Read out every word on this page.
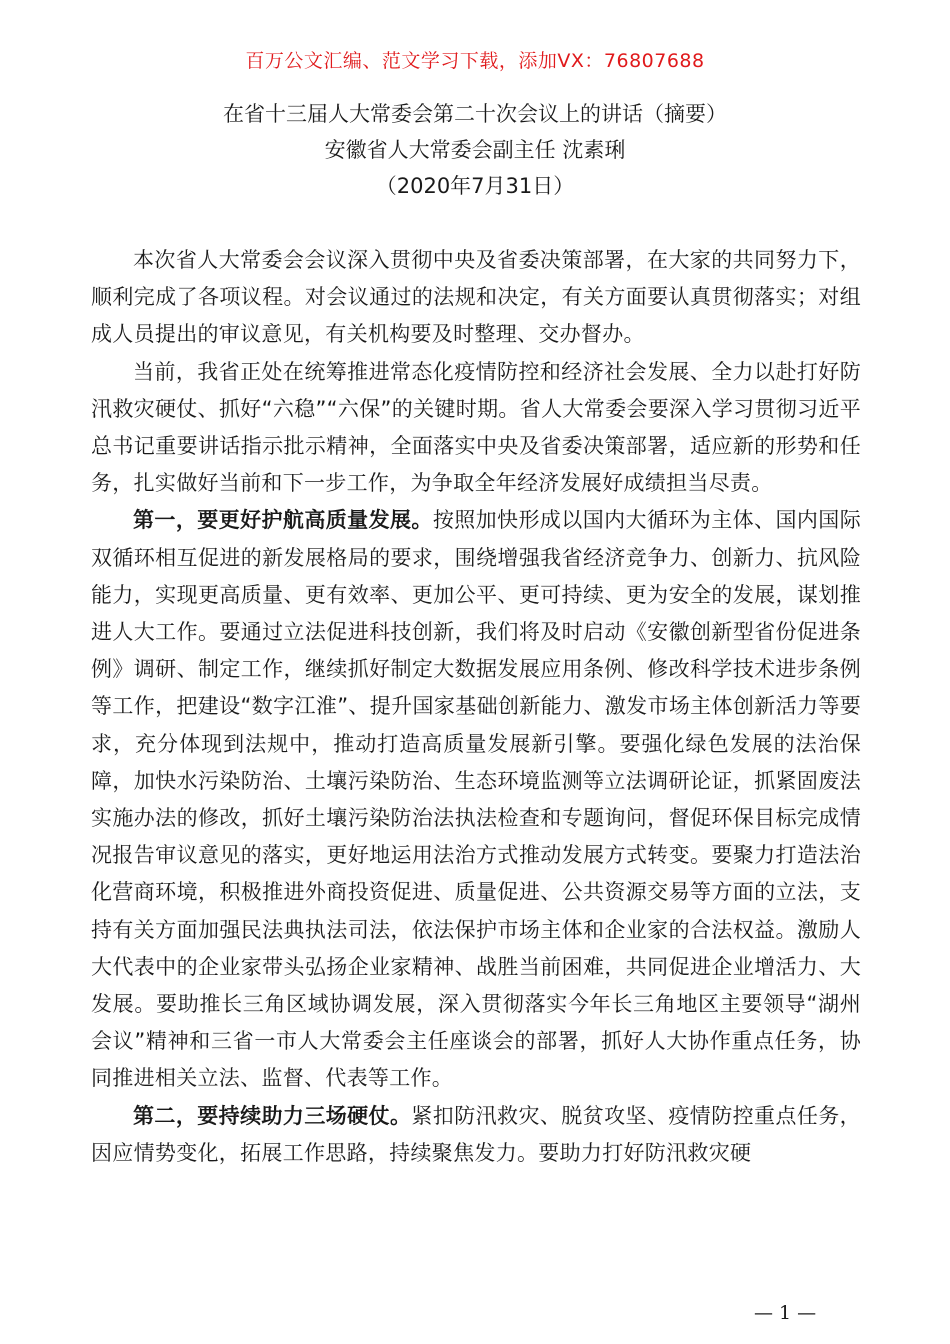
百万公文汇编、范文学习下载，添加VX：76807688
在省十三届人大常委会第二十次会议上的讲话（摘要）
安徽省人大常委会副主任 沈素琍
（2020年7月31日）

本次省人大常委会会议深入贯彻中央及省委决策部署，在大家的共同努力下，顺利完成了各项议程。对会议通过的法规和决定，有关方面要认真贯彻落实；对组成人员提出的审议意见，有关机构要及时整理、交办督办。

当前，我省正处在统筹推进常态化疫情防控和经济社会发展、全力以赴打好防汛救灾硬仗、抓好“六稳”“六保”的关键时期。省人大常委会要深入学习贯彻习近平总书记重要讲话指示批示精神，全面落实中央及省委决策部署，适应新的形势和任务，扎实做好当前和下一步工作，为争取全年经济发展好成绩担当尽责。

第一，要更好护航高质量发展。按照加快形成以国内大循环为主体、国内国际双循环相互促进的新发展格局的要求，围绕增强我省经济竞争力、创新力、抗风险能力，实现更高质量、更有效率、更加公平、更可持续、更为安全的发展，谋划推进人大工作。要通过立法促进科技创新，我们将及时启动《安徽创新型省份促进条例》调研、制定工作，继续抓好制定大数据发展应用条例、修改科学技术进步条例等工作，把建设“数字江淮”、提升国家基础创新能力、激发市场主体创新活力等要求，充分体现到法规中，推动打造高质量发展新引擎。要强化绿色发展的法治保障，加快水污染防治、土壤污染防治、生态环境监测等立法调研论证，抓紧固废法实施办法的修改，抓好土壤污染防治法执法检查和专题询问，督促环保目标完成情况报告审议意见的落实，更好地运用法治方式推动发展方式转变。要聚力打造法治化营商环境，积极推进外商投资促进、质量促进、公共资源交易等方面的立法，支持有关方面加强民法典执法司法，依法保护市场主体和企业家的合法权益。激励人大代表中的企业家带头弘扬企业家精神、战胜当前困难，共同促进企业增活力、大发展。要助推长三角区域协调发展，深入贯彻落实今年长三角地区主要领导“湖州会议”精神和三省一市人大常委会主任座谈会的部署，抓好人大协作重点任务，协同推进相关立法、监督、代表等工作。

第二，要持续助力三场硬仗。紧扣防汛救灾、脱贫攻坚、疫情防控重点任务，因应情势变化，拓展工作思路，持续聚焦发力。要助力打好防汛救灾硬

— 1 —
